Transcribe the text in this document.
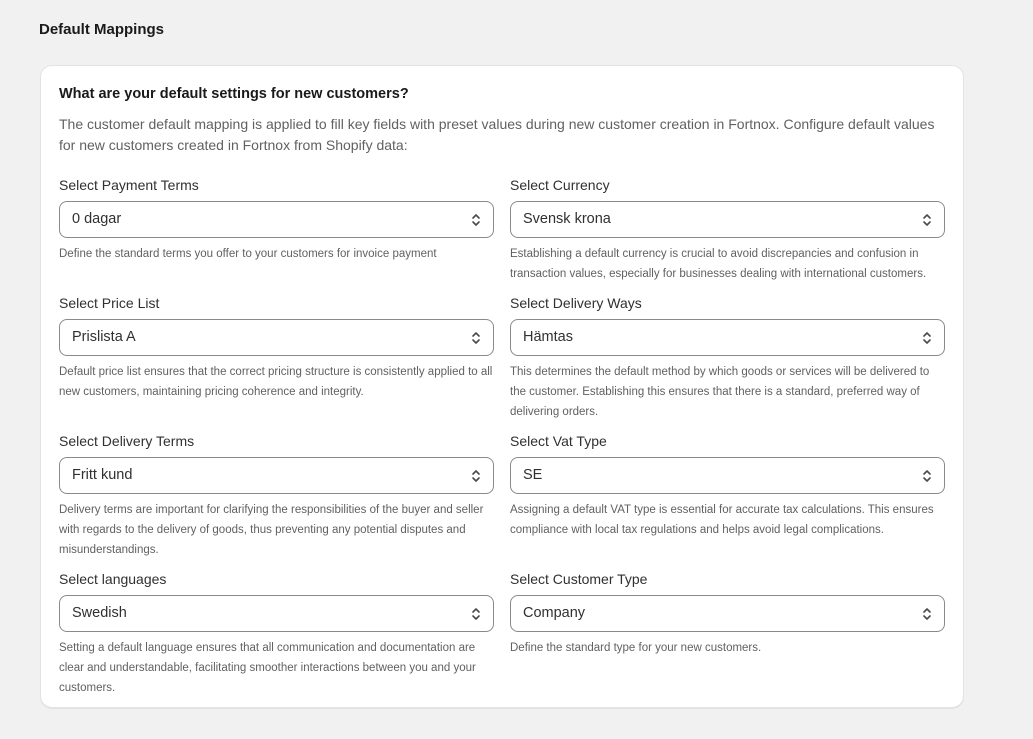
Default Mappings
What are your default settings for new customers?
The customer default mapping is applied to fill key fields with preset values during new customer creation in Fortnox. Configure default values for new customers created in Fortnox from Shopify data:
Select Payment Terms
0 dagar
Define the standard terms you offer to your customers for invoice payment
Select Currency
Svensk krona
Establishing a default currency is crucial to avoid discrepancies and confusion in transaction values, especially for businesses dealing with international customers.
Select Price List
Prislista A
Default price list ensures that the correct pricing structure is consistently applied to all new customers, maintaining pricing coherence and integrity.
Select Delivery Ways
Hämtas
This determines the default method by which goods or services will be delivered to the customer. Establishing this ensures that there is a standard, preferred way of delivering orders.
Select Delivery Terms
Fritt kund
Delivery terms are important for clarifying the responsibilities of the buyer and seller with regards to the delivery of goods, thus preventing any potential disputes and misunderstandings.
Select Vat Type
SE
Assigning a default VAT type is essential for accurate tax calculations. This ensures compliance with local tax regulations and helps avoid legal complications.
Select languages
Swedish
Setting a default language ensures that all communication and documentation are clear and understandable, facilitating smoother interactions between you and your customers.
Select Customer Type
Company
Define the standard type for your new customers.
